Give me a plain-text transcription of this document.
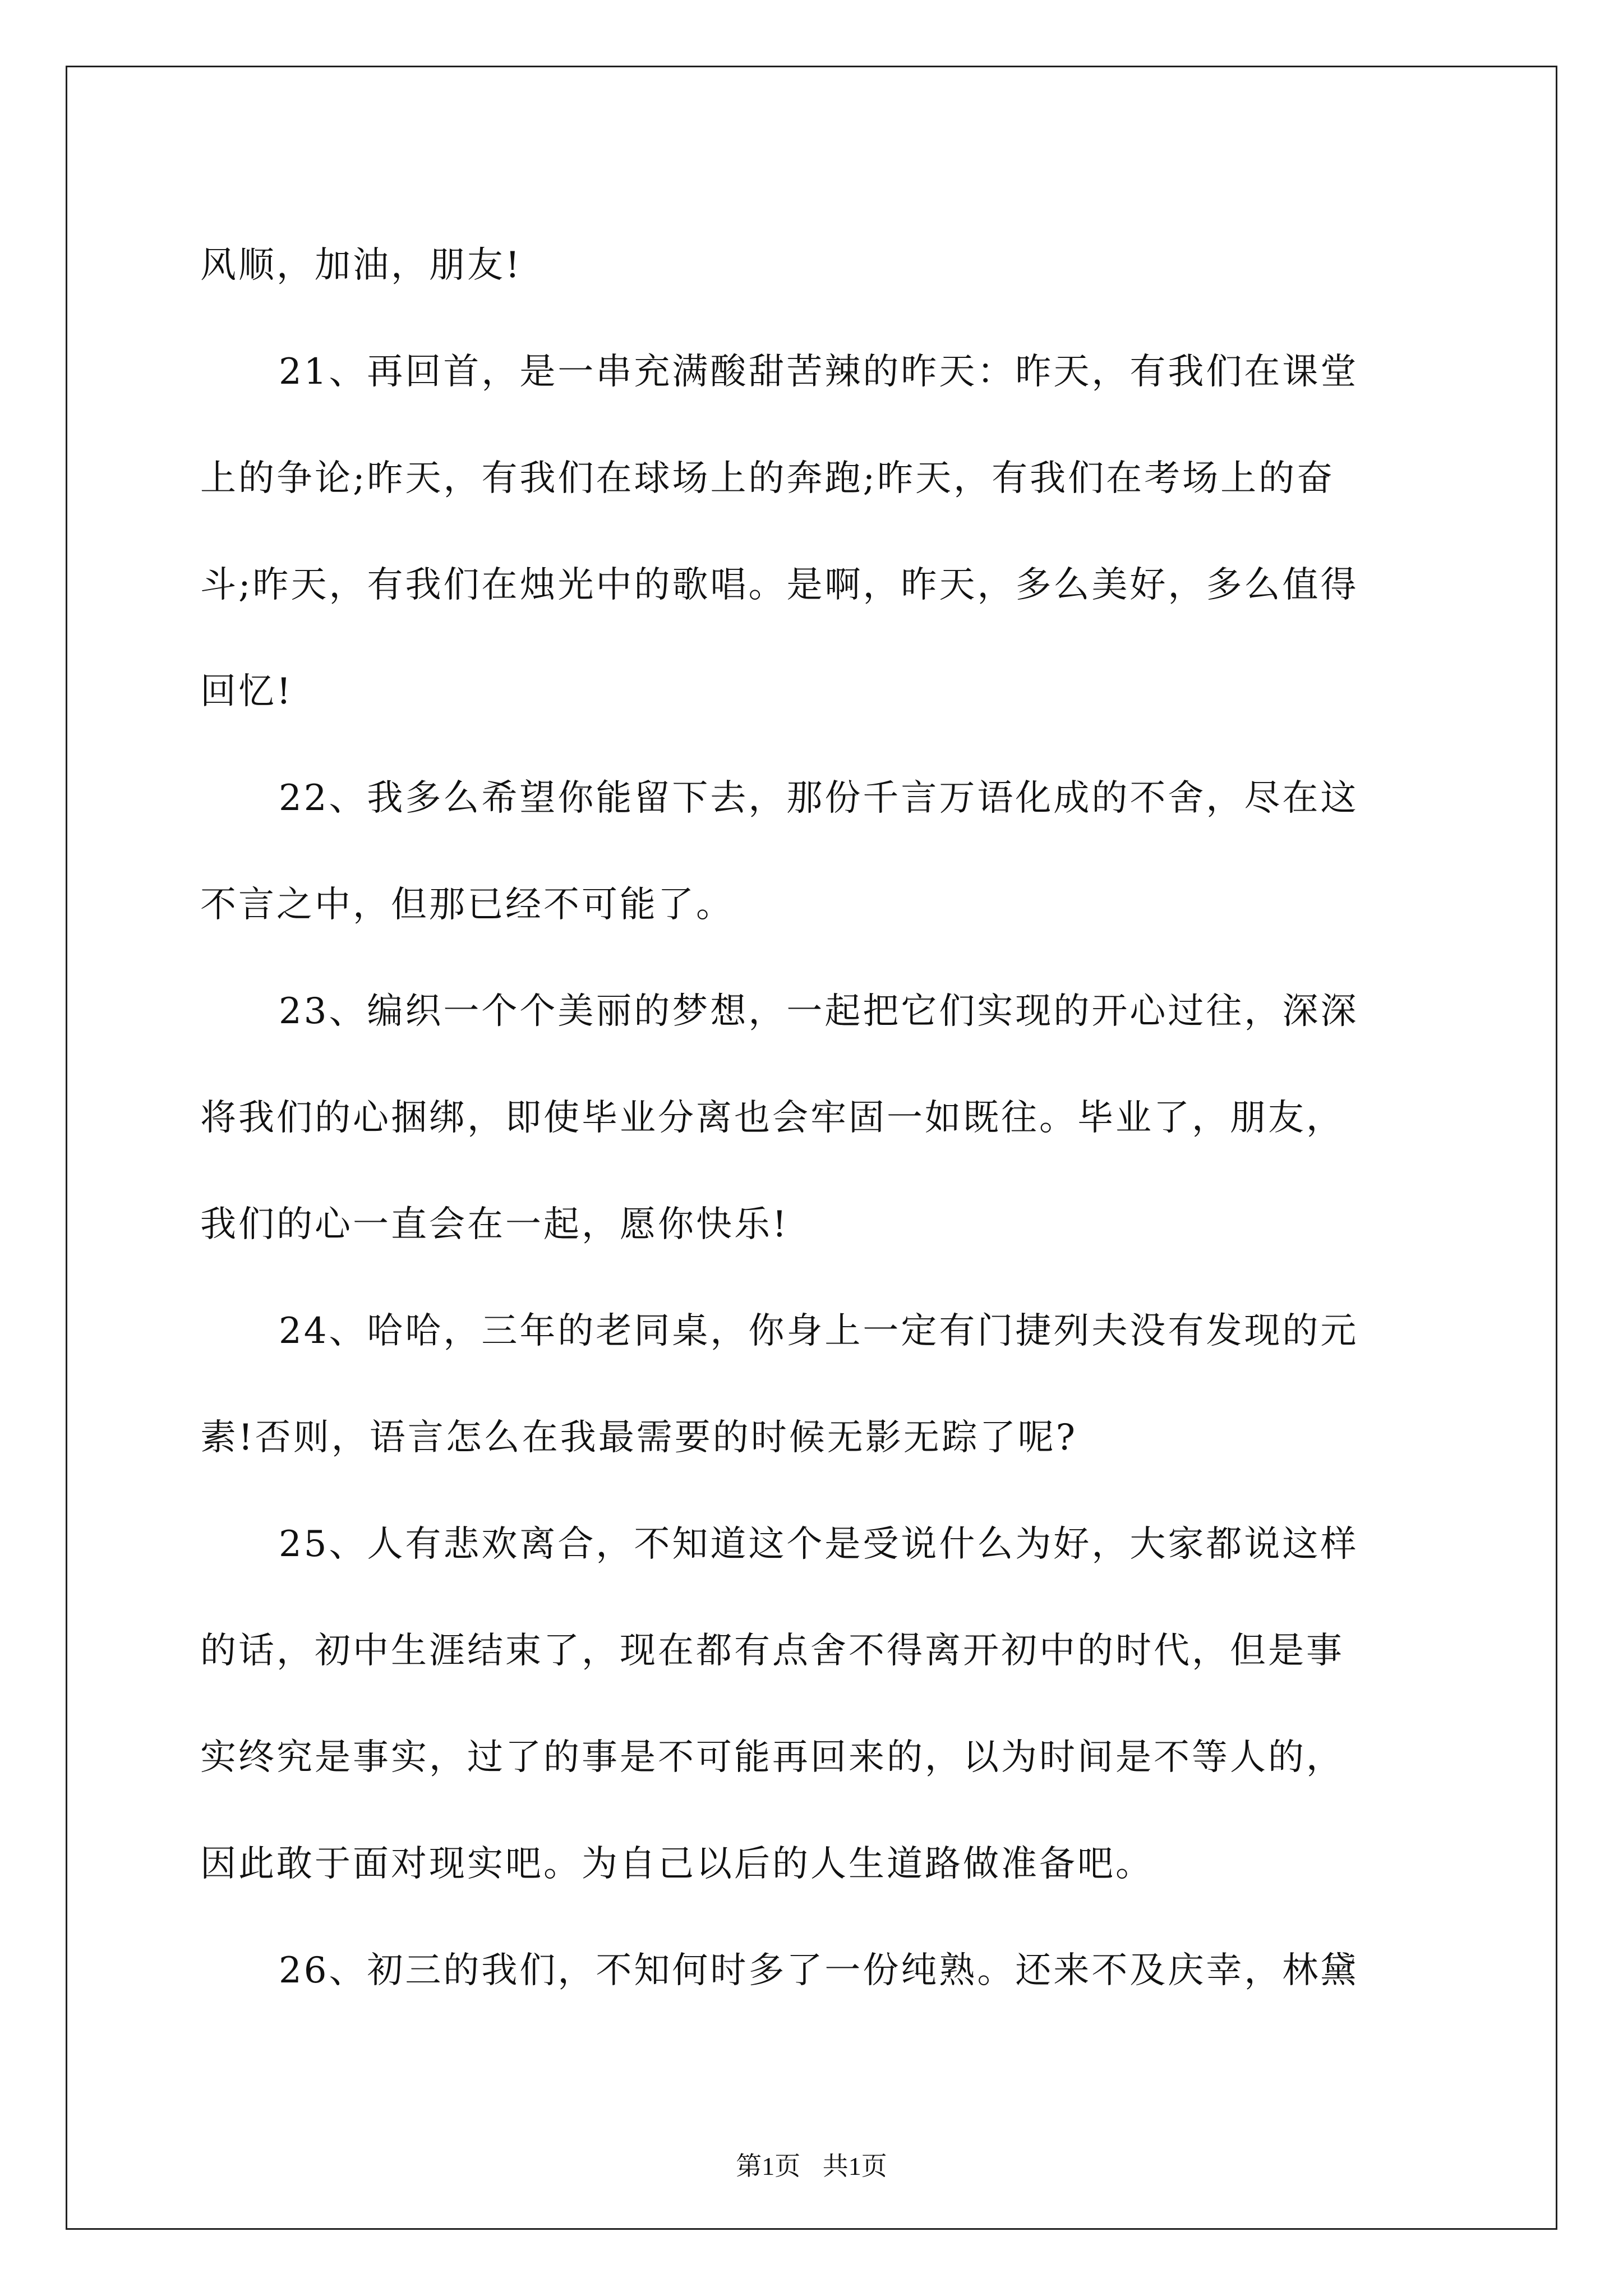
风顺，加油，朋友!
21、再回首，是一串充满酸甜苦辣的昨天：昨天，有我们在课堂
上的争论;昨天，有我们在球场上的奔跑;昨天，有我们在考场上的奋
斗;昨天，有我们在烛光中的歌唱。是啊，昨天，多么美好，多么值得
回忆!
22、我多么希望你能留下去，那份千言万语化成的不舍，尽在这
不言之中，但那已经不可能了。
23、编织一个个美丽的梦想，一起把它们实现的开心过往，深深
将我们的心捆绑，即使毕业分离也会牢固一如既往。毕业了，朋友，
我们的心一直会在一起，愿你快乐!
24、哈哈，三年的老同桌，你身上一定有门捷列夫没有发现的元
素!否则，语言怎么在我最需要的时候无影无踪了呢?
25、人有悲欢离合，不知道这个是受说什么为好，大家都说这样
的话，初中生涯结束了，现在都有点舍不得离开初中的时代，但是事
实终究是事实，过了的事是不可能再回来的，以为时间是不等人的，
因此敢于面对现实吧。为自己以后的人生道路做准备吧。
26、初三的我们，不知何时多了一份纯熟。还来不及庆幸，林黛
第1页 共1页
